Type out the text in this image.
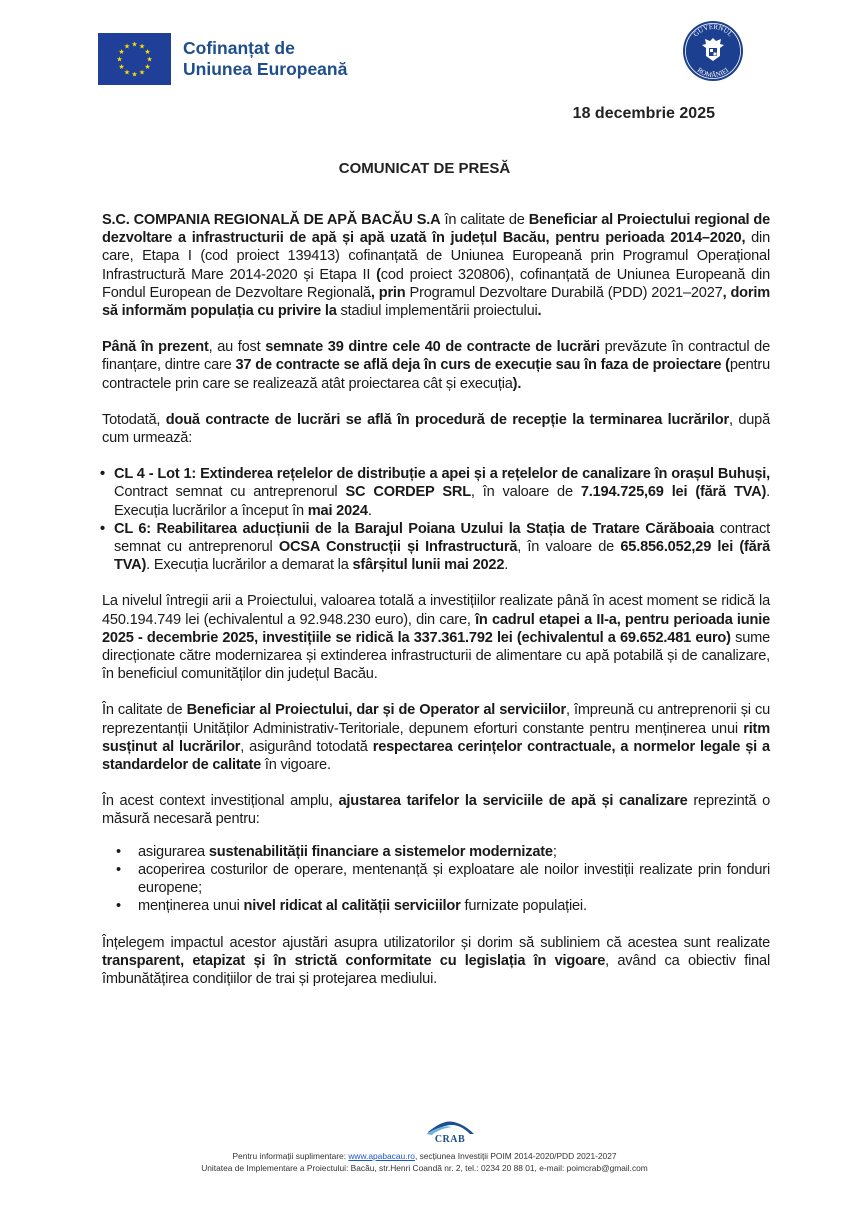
★ ★
★
★
★
★
★
★
★
★
★
★	Cofinanțat de
Uniunea Europeană
GUVERNUL
ROMÂNIEI
18 decembrie 2025
COMUNICAT DE PRESĂ

S.C. COMPANIA REGIONALĂ DE APĂ BACĂU S.A în calitate de Beneficiar al Proiectului regional de dezvoltare a infrastructurii de apă și apă uzată în județul Bacău, pentru perioada 2014–2020, din care, Etapa I (cod proiect 139413) cofinanțată de Uniunea Europeană prin Programul Operațional Infrastructură Mare 2014-2020 și Etapa II (cod proiect 320806), cofinanțată de Uniunea Europeană din Fondul European de Dezvoltare Regională, prin Programul Dezvoltare Durabilă (PDD) 2021–2027, dorim să informăm populația cu privire la stadiul implementării proiectului.

Până în prezent, au fost semnate 39 dintre cele 40 de contracte de lucrări prevăzute în contractul de finanțare, dintre care 37 de contracte se află deja în curs de execuție sau în faza de proiectare (pentru contractele prin care se realizează atât proiectarea cât și execuția).

Totodată, două contracte de lucrări se află în procedură de recepție la terminarea lucrărilor, după cum urmează:

• CL 4 - Lot 1: Extinderea rețelelor de distribuție a apei și a rețelelor de canalizare în orașul Buhuși, Contract semnat cu antreprenorul SC CORDEP SRL, în valoare de 7.194.725,69 lei (fără TVA). Execuția lucrărilor a început în mai 2024.
• CL 6: Reabilitarea aducțiunii de la Barajul Poiana Uzului la Stația de Tratare Cărăboaia contract semnat cu antreprenorul OCSA Construcții și Infrastructură, în valoare de 65.856.052,29 lei (fără TVA). Execuția lucrărilor a demarat la sfârșitul lunii mai 2022.

La nivelul întregii arii a Proiectului, valoarea totală a investițiilor realizate până în acest moment se ridică la 450.194.749 lei (echivalentul a 92.948.230 euro), din care, în cadrul etapei a II-a, pentru perioada iunie 2025 - decembrie 2025, investițiile se ridică la 337.361.792 lei (echivalentul a 69.652.481 euro) sume direcționate către modernizarea și extinderea infrastructurii de alimentare cu apă potabilă și de canalizare, în beneficiul comunităților din județul Bacău.

În calitate de Beneficiar al Proiectului, dar și de Operator al serviciilor, împreună cu antreprenorii și cu reprezentanții Unităților Administrativ-Teritoriale, depunem eforturi constante pentru menținerea unui ritm susținut al lucrărilor, asigurând totodată respectarea cerințelor contractuale, a normelor legale și a standardelor de calitate în vigoare.

În acest context investițional amplu, ajustarea tarifelor la serviciile de apă și canalizare reprezintă o măsură necesară pentru:

• asigurarea sustenabilității financiare a sistemelor modernizate;
• acoperirea costurilor de operare, mentenanță și exploatare ale noilor investiții realizate prin fonduri europene;
• menținerea unui nivel ridicat al calității serviciilor furnizate populației.

Înțelegem impactul acestor ajustări asupra utilizatorilor și dorim să subliniem că acestea sunt realizate transparent, etapizat și în strictă conformitate cu legislația în vigoare, având ca obiectiv final îmbunătățirea condițiilor de trai și protejarea mediului.

CRAB
Pentru informații suplimentare: www.apabacau.ro, secțiunea Investiții POIM 2014-2020/PDD 2021-2027
Unitatea de Implementare a Proiectului: Bacău, str.Henri Coandă nr. 2, tel.: 0234 20 88 01, e-mail: poimcrab@gmail.com
